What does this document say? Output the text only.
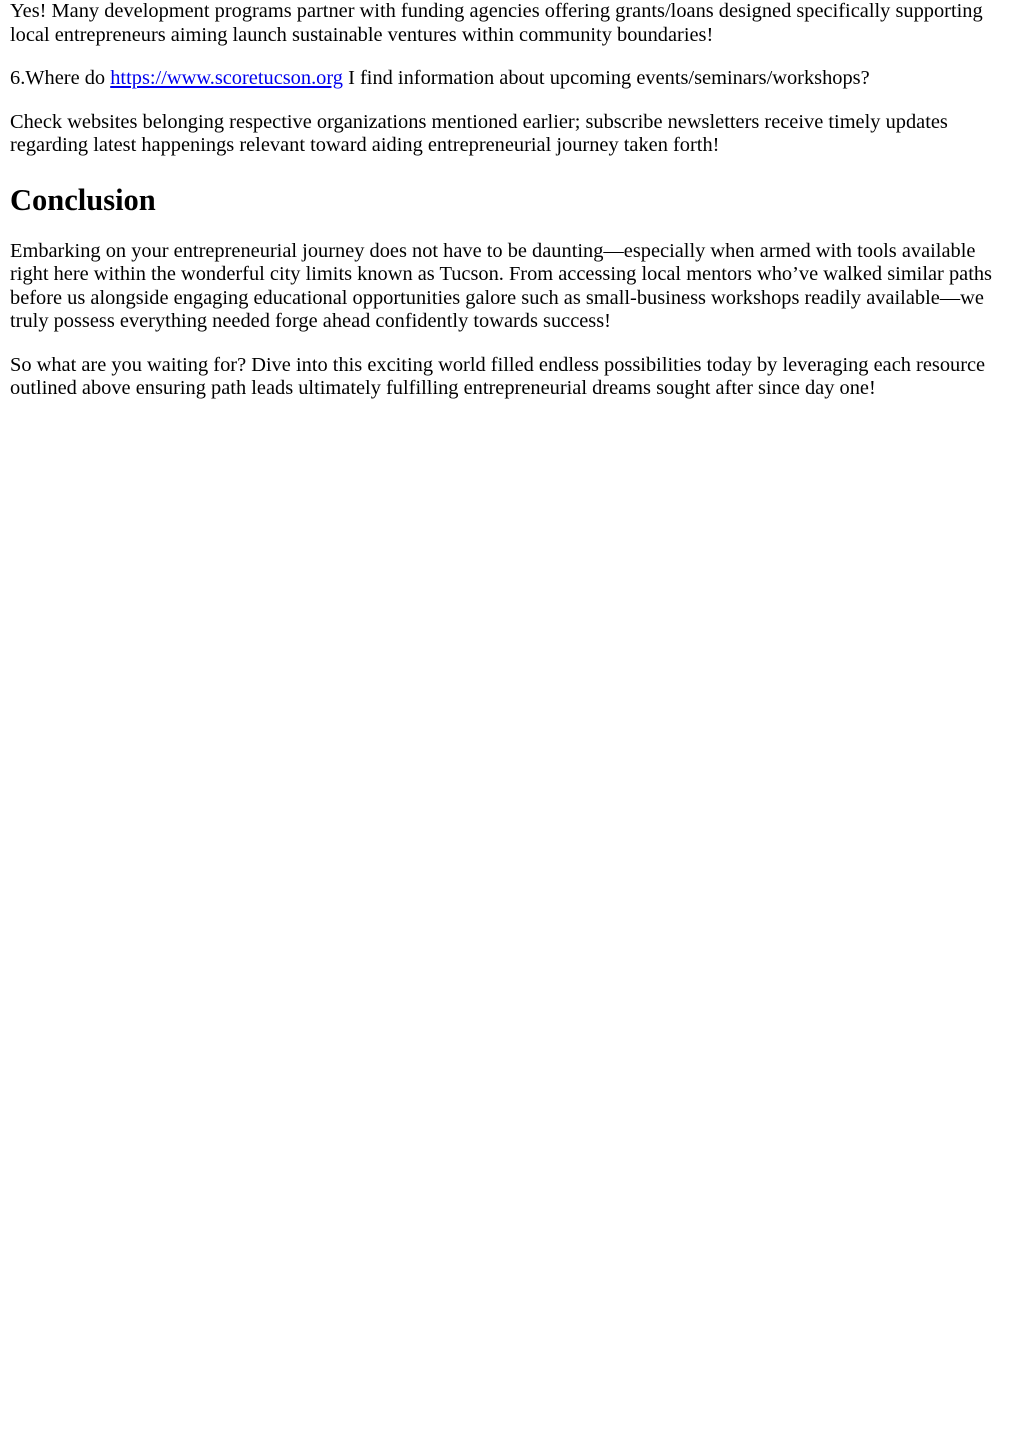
Yes! Many development programs partner with funding agencies offering grants/loans designed specifically supporting local entrepreneurs aiming launch sustainable ventures within community boundaries!

6.Where do https://www.scoretucson.org I find information about upcoming events/seminars/workshops?

Check websites belonging respective organizations mentioned earlier; subscribe newsletters receive timely updates regarding latest happenings relevant toward aiding entrepreneurial journey taken forth!

Conclusion

Embarking on your entrepreneurial journey does not have to be daunting—especially when armed with tools available right here within the wonderful city limits known as Tucson. From accessing local mentors who’ve walked similar paths before us alongside engaging educational opportunities galore such as small-business workshops readily available—we truly possess everything needed forge ahead confidently towards success!

So what are you waiting for? Dive into this exciting world filled endless possibilities today by leveraging each resource outlined above ensuring path leads ultimately fulfilling entrepreneurial dreams sought after since day one!
